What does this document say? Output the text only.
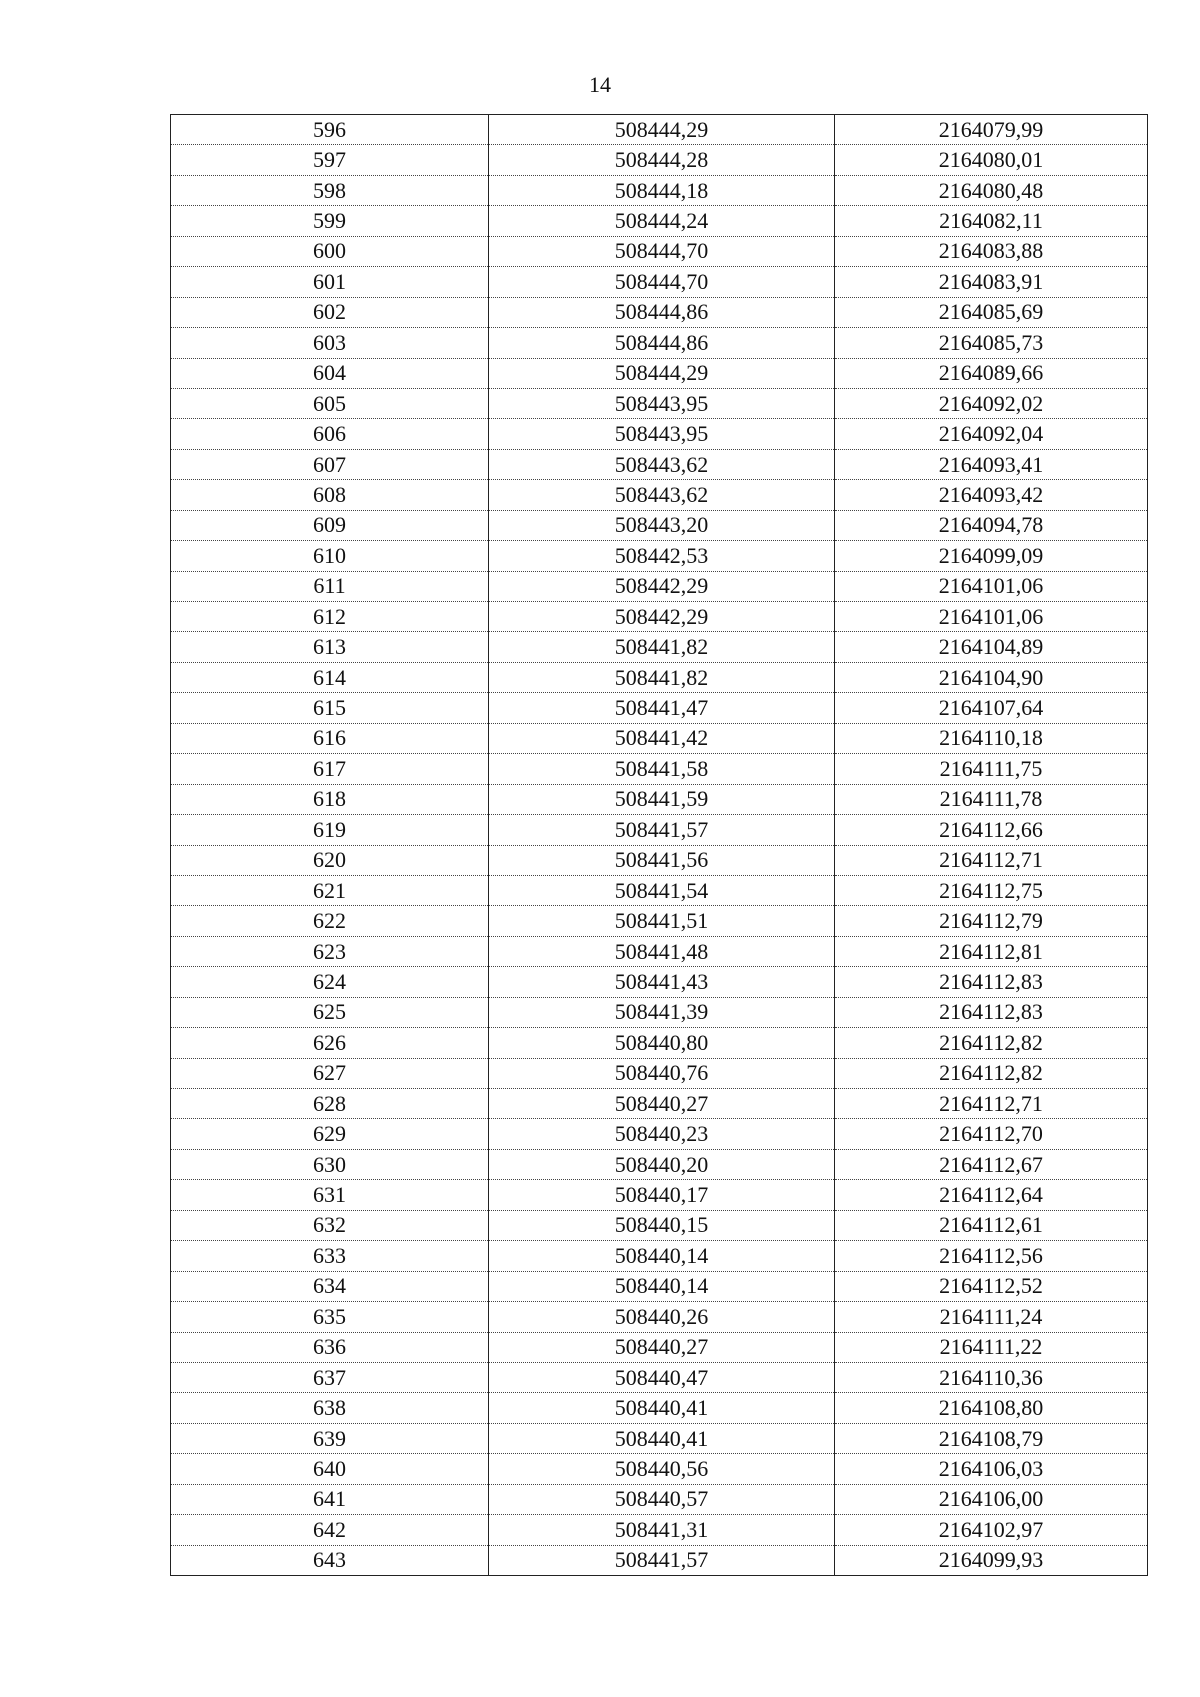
14
596	508444,29	2164079,99
597	508444,28	2164080,01
598	508444,18	2164080,48
599	508444,24	2164082,11
600	508444,70	2164083,88
601	508444,70	2164083,91
602	508444,86	2164085,69
603	508444,86	2164085,73
604	508444,29	2164089,66
605	508443,95	2164092,02
606	508443,95	2164092,04
607	508443,62	2164093,41
608	508443,62	2164093,42
609	508443,20	2164094,78
610	508442,53	2164099,09
611	508442,29	2164101,06
612	508442,29	2164101,06
613	508441,82	2164104,89
614	508441,82	2164104,90
615	508441,47	2164107,64
616	508441,42	2164110,18
617	508441,58	2164111,75
618	508441,59	2164111,78
619	508441,57	2164112,66
620	508441,56	2164112,71
621	508441,54	2164112,75
622	508441,51	2164112,79
623	508441,48	2164112,81
624	508441,43	2164112,83
625	508441,39	2164112,83
626	508440,80	2164112,82
627	508440,76	2164112,82
628	508440,27	2164112,71
629	508440,23	2164112,70
630	508440,20	2164112,67
631	508440,17	2164112,64
632	508440,15	2164112,61
633	508440,14	2164112,56
634	508440,14	2164112,52
635	508440,26	2164111,24
636	508440,27	2164111,22
637	508440,47	2164110,36
638	508440,41	2164108,80
639	508440,41	2164108,79
640	508440,56	2164106,03
641	508440,57	2164106,00
642	508441,31	2164102,97
643	508441,57	2164099,93
